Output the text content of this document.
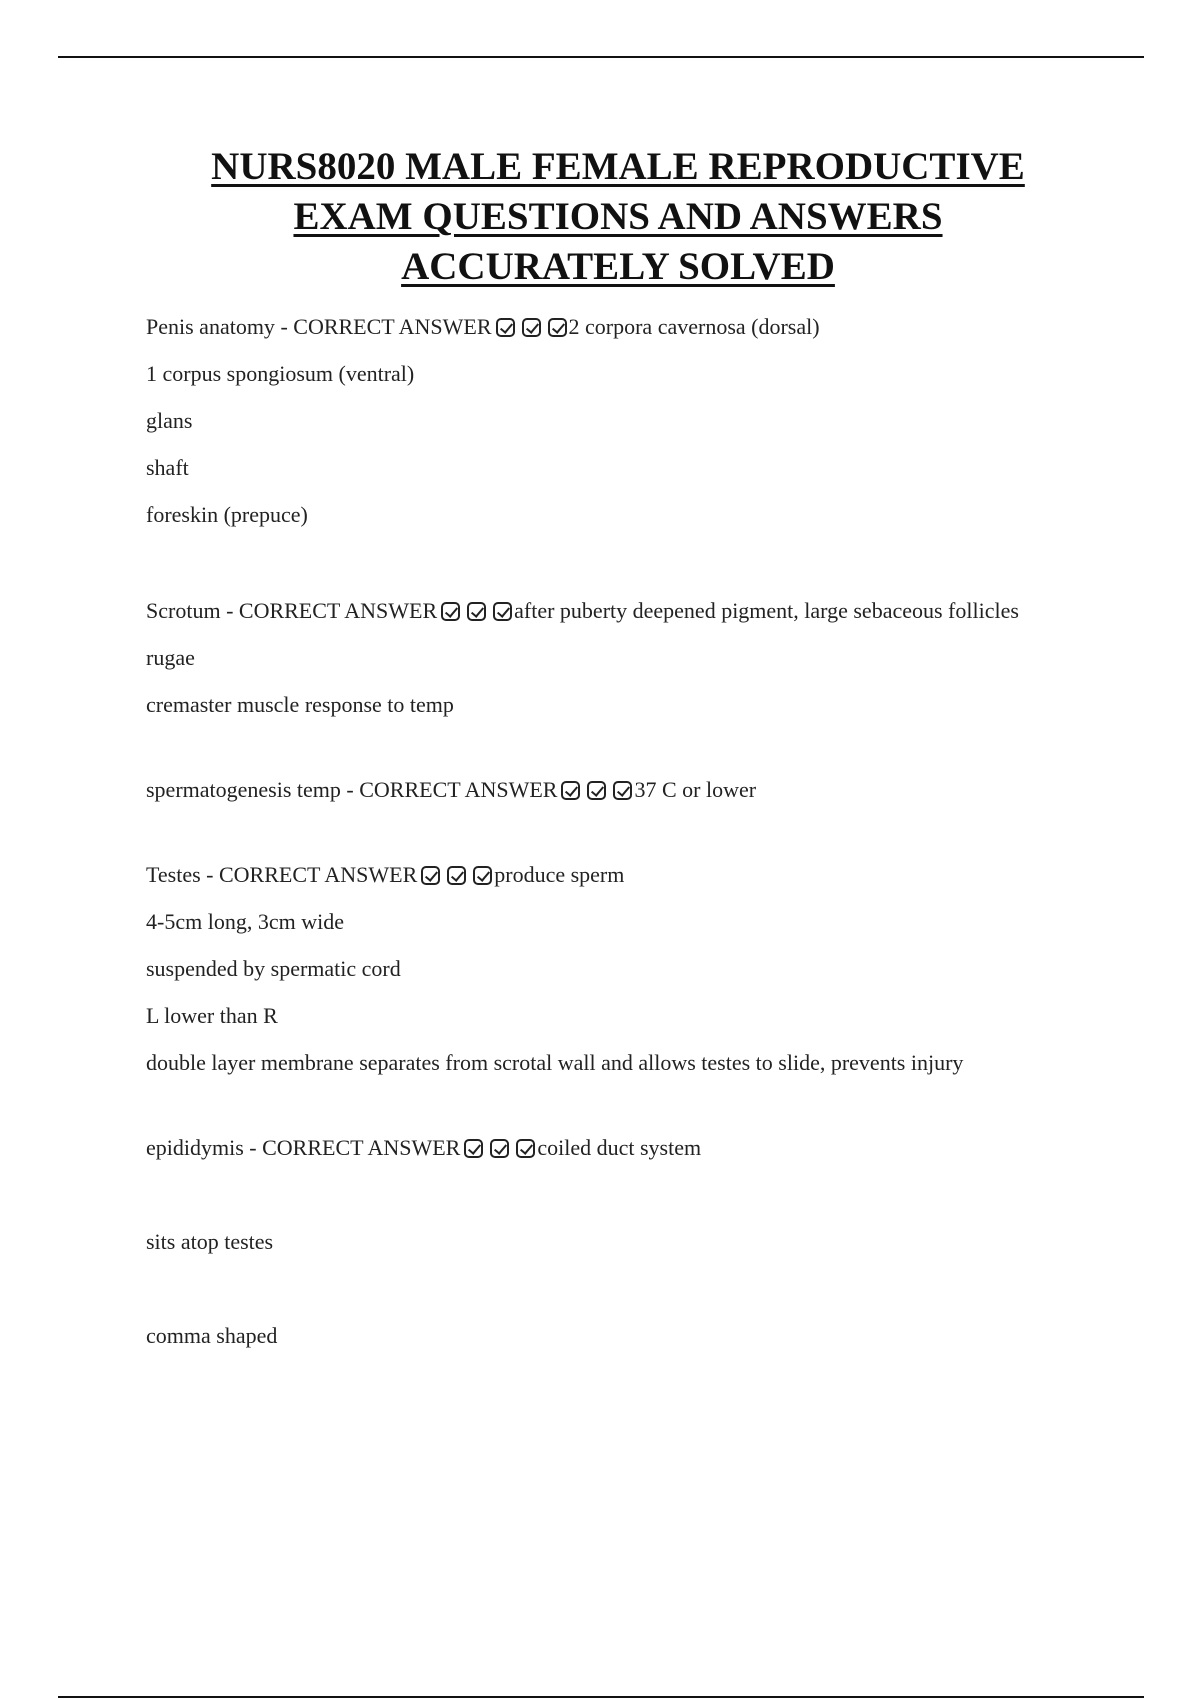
NURS8020 MALE FEMALE REPRODUCTIVE
EXAM QUESTIONS AND ANSWERS
ACCURATELY SOLVED

Penis anatomy - CORRECT ANSWER	2 corpora cavernosa (dorsal)

1 corpus spongiosum (ventral)

glans

shaft

foreskin (prepuce)

Scrotum - CORRECT ANSWER	after puberty deepened pigment, large sebaceous follicles

rugae

cremaster muscle response to temp

spermatogenesis temp - CORRECT ANSWER	37 C or lower

Testes - CORRECT ANSWER	produce sperm

4-5cm long, 3cm wide

suspended by spermatic cord

L lower than R

double layer membrane separates from scrotal wall and allows testes to slide, prevents injury

epididymis - CORRECT ANSWER	coiled duct system

sits atop testes

comma shaped
